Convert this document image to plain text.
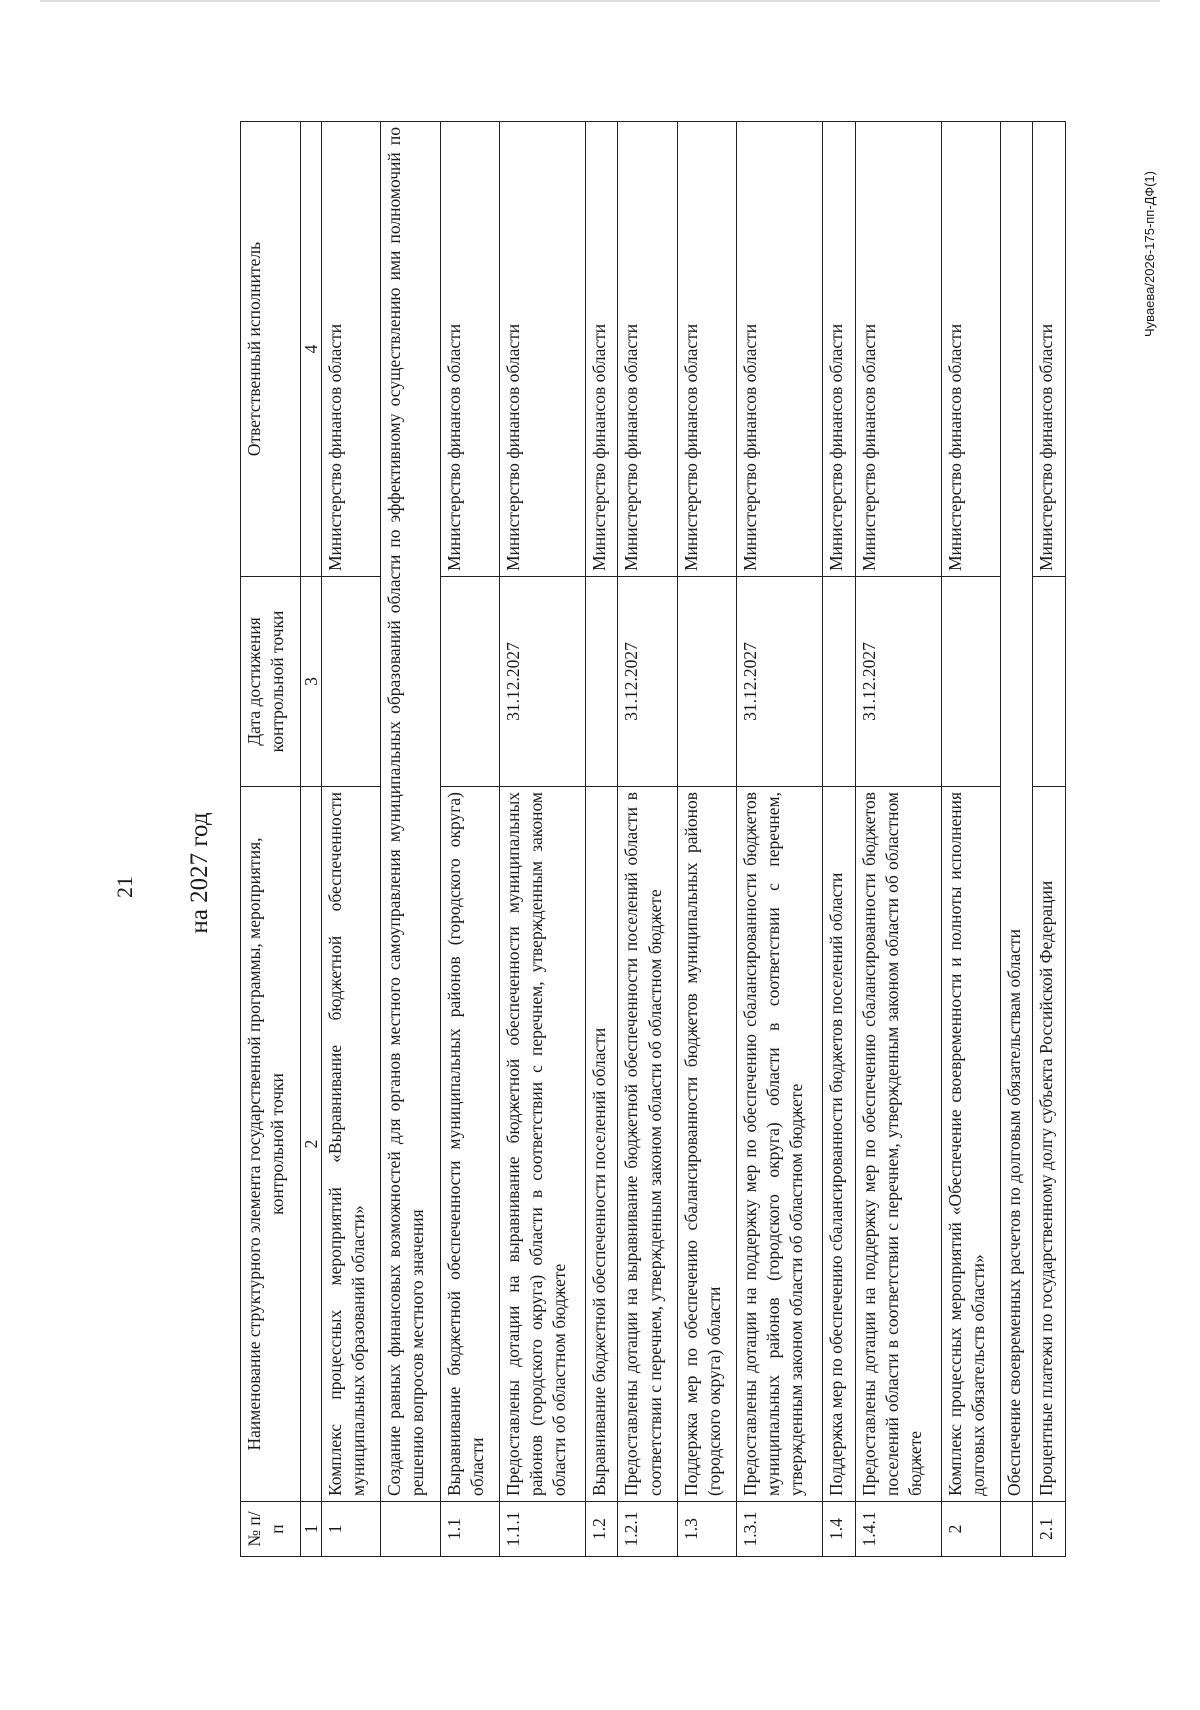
21 на 2027 год
Чуваева/2026-175-пп-ДФ(1)
№ п/п	Наименование структурного элемента государственной программы, мероприятия, контрольной точки	Дата достижения контрольной точки	Ответственный исполнитель
1	2	3	4
1	Комплекс процессных мероприятий «Выравнивание бюджетной обеспеченности муниципальных образований области»		Министерство финансов области
	Создание равных финансовых возможностей для органов местного самоуправления муниципальных образований области по эффективному осуществлению ими полномочий по решению вопросов местного значения		
1.1	Выравнивание бюджетной обеспеченности муниципальных районов (городского округа) области		Министерство финансов области
1.1.1	Предоставлены дотации на выравнивание бюджетной обеспеченности муниципальных районов (городского округа) области в соответствии с перечнем, утвержденным законом области об областном бюджете	31.12.2027	Министерство финансов области
1.2	Выравнивание бюджетной обеспеченности поселений области		Министерство финансов области
1.2.1	Предоставлены дотации на выравнивание бюджетной обеспеченности поселений области в соответствии с перечнем, утвержденным законом области об областном бюджете	31.12.2027	Министерство финансов области
1.3	Поддержка мер по обеспечению сбалансированности бюджетов муниципальных районов (городского округа) области		Министерство финансов области
1.3.1	Предоставлены дотации на поддержку мер по обеспечению сбалансированности бюджетов муниципальных районов (городского округа) области в соответствии с перечнем, утвержденным законом области об областном бюджете	31.12.2027	Министерство финансов области
1.4	Поддержка мер по обеспечению сбалансированности бюджетов поселений области		Министерство финансов области
1.4.1	Предоставлены дотации на поддержку мер по обеспечению сбалансированности бюджетов поселений области в соответствии с перечнем, утвержденным законом области об областном бюджете	31.12.2027	Министерство финансов области
2	Комплекс процессных мероприятий «Обеспечение своевременности и полноты исполнения долговых обязательств области»		Министерство финансов области
	Обеспечение своевременных расчетов по долговым обязательствам области		
2.1	Процентные платежи по государственному долгу субъекта Российской Федерации		Министерство финансов области
